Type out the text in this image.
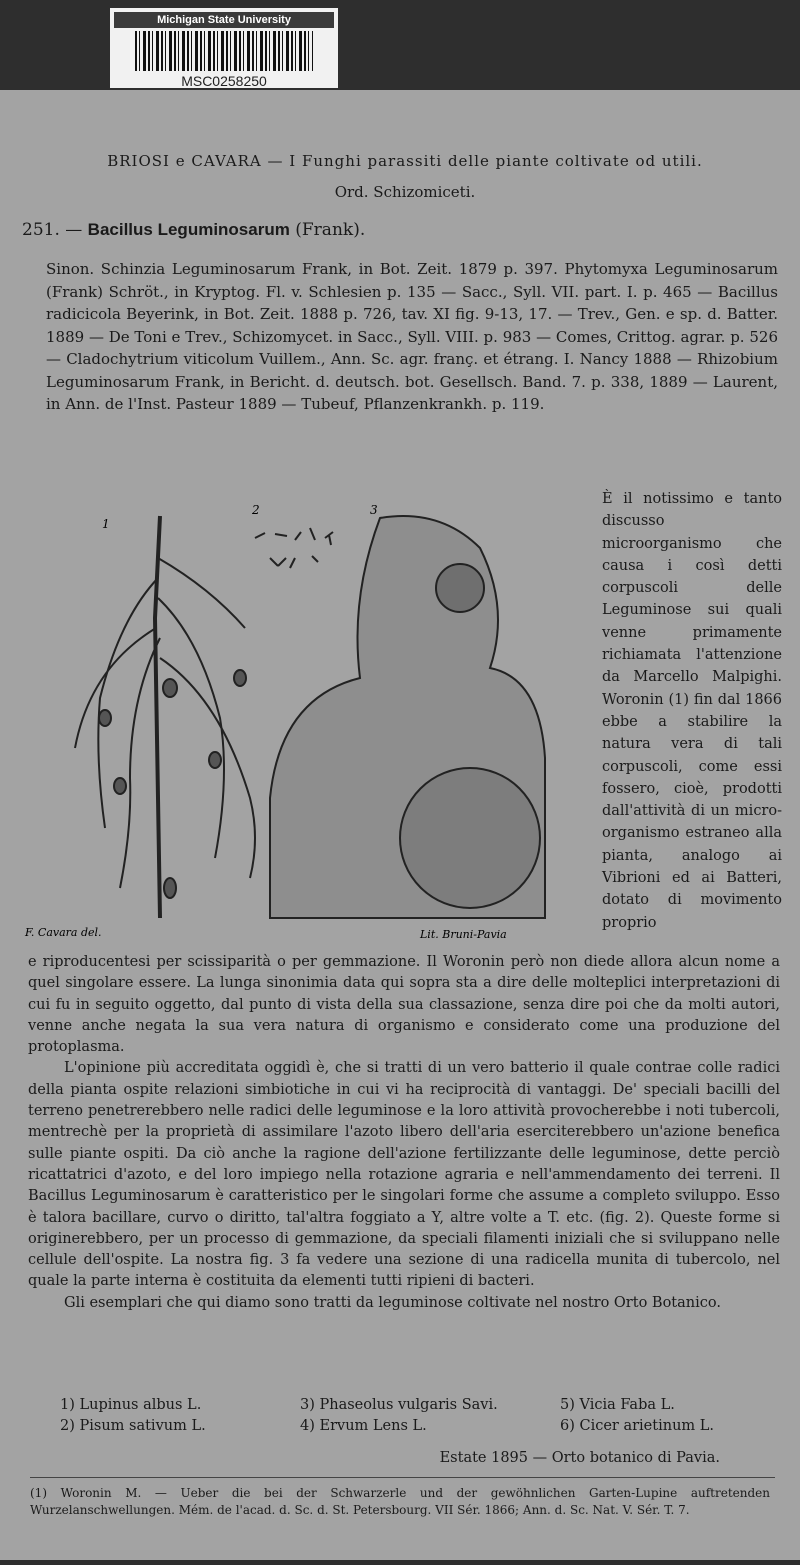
Michigan State University
MSC0258250
BRIOSI e CAVARA — I Funghi parassiti delle piante coltivate od utili.
Ord. Schizomiceti.
251. — Bacillus Leguminosarum (Frank).
Sinon. Schinzia Leguminosarum Frank, in Bot. Zeit. 1879 p. 397. Phytomyxa Leguminosarum (Frank) Schröt., in Kryptog. Fl. v. Schlesien p. 135 — Sacc., Syll. VII. part. I. p. 465 — Bacillus radicicola Beyerink, in Bot. Zeit. 1888 p. 726, tav. XI fig. 9-13, 17. — Trev., Gen. e sp. d. Batter. 1889 — De Toni e Trev., Schizomycet. in Sacc., Syll. VIII. p. 983 — Comes, Crittog. agrar. p. 526 — Cladochytrium viticolum Vuillem., Ann. Sc. agr. franç. et étrang. I. Nancy 1888 — Rhizobium Leguminosarum Frank, in Bericht. d. deutsch. bot. Gesellsch. Band. 7. p. 338, 1889 — Laurent, in Ann. de l'Inst. Pasteur 1889 — Tubeuf, Pflanzenkrankh. p. 119.
1
2	3
F. Cavara del.	Lit. Bruni-Pavia
È il notissimo e tanto discusso microorganismo che causa i così detti corpuscoli delle Leguminose sui quali venne primamente richiamata l'attenzione da Marcello Malpighi. Woronin (1) fin dal 1866 ebbe a stabilire la natura vera di tali corpuscoli, come essi fossero, cioè, prodotti dall'attività di un micro-organismo estraneo alla pianta, analogo ai Vibrioni ed ai Batteri, dotato di movimento proprio

e riproducentesi per scissiparità o per gemmazione. Il Woronin però non diede allora alcun nome a quel singolare essere. La lunga sinonimia data qui sopra sta a dire delle molteplici interpretazioni di cui fu in seguito oggetto, dal punto di vista della sua classazione, senza dire poi che da molti autori, venne anche negata la sua vera natura di organismo e considerato come una produzione del protoplasma.

L'opinione più accreditata oggidì è, che si tratti di un vero batterio il quale contrae colle radici della pianta ospite relazioni simbiotiche in cui vi ha reciprocità di vantaggi. De' speciali bacilli del terreno penetrerebbero nelle radici delle leguminose e la loro attività provocherebbe i noti tubercoli, mentrechè per la proprietà di assimilare l'azoto libero dell'aria eserciterebbero un'azione benefica sulle piante ospiti. Da ciò anche la ragione dell'azione fertilizzante delle leguminose, dette perciò ricattatrici d'azoto, e del loro impiego nella rotazione agraria e nell'ammendamento dei terreni. Il Bacillus Leguminosarum è caratteristico per le singolari forme che assume a completo sviluppo. Esso è talora bacillare, curvo o diritto, tal'altra foggiato a Y, altre volte a T. etc. (fig. 2). Queste forme si originerebbero, per un processo di gemmazione, da speciali filamenti iniziali che si sviluppano nelle cellule dell'ospite. La nostra fig. 3 fa vedere una sezione di una radicella munita di tubercolo, nel quale la parte interna è costituita da elementi tutti ripieni di bacteri.

Gli esemplari che qui diamo sono tratti da leguminose coltivate nel nostro Orto Botanico.

1) Lupinus albus L.
2) Pisum sativum L.
3) Phaseolus vulgaris Savi.
4) Ervum Lens L.
5) Vicia Faba L.
6) Cicer arietinum L.
Estate 1895 — Orto botanico di Pavia.
(1) Woronin M. — Ueber die bei der Schwarzerle und der gewöhnlichen Garten-Lupine auftretenden Wurzelanschwellungen. Mém. de l'acad. d. Sc. d. St. Petersbourg. VII Sér. 1866; Ann. d. Sc. Nat. V. Sér. T. 7.
